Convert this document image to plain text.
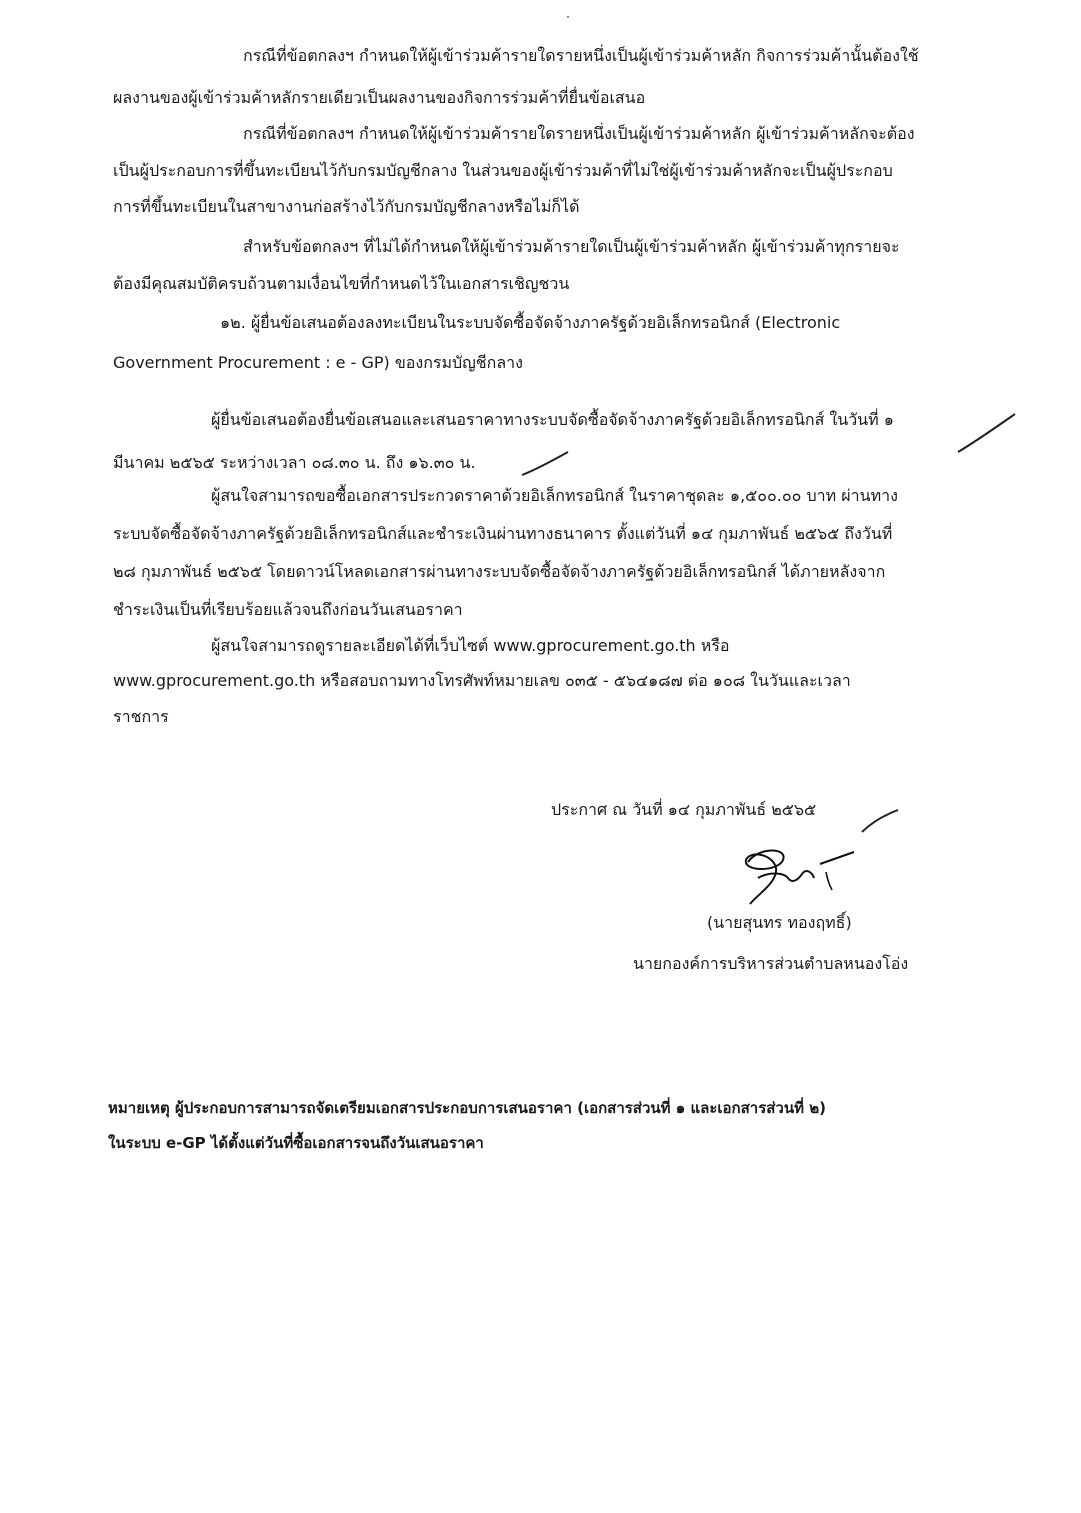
กรณีที่ข้อตกลงฯ กำหนดให้ผู้เข้าร่วมค้ารายใดรายหนึ่งเป็นผู้เข้าร่วมค้าหลัก กิจการร่วมค้านั้นต้องใช้
ผลงานของผู้เข้าร่วมค้าหลักรายเดียวเป็นผลงานของกิจการร่วมค้าที่ยื่นข้อเสนอ
กรณีที่ข้อตกลงฯ กำหนดให้ผู้เข้าร่วมค้ารายใดรายหนึ่งเป็นผู้เข้าร่วมค้าหลัก ผู้เข้าร่วมค้าหลักจะต้อง
เป็นผู้ประกอบการที่ขึ้นทะเบียนไว้กับกรมบัญชีกลาง ในส่วนของผู้เข้าร่วมค้าที่ไม่ใช่ผู้เข้าร่วมค้าหลักจะเป็นผู้ประกอบ
การที่ขึ้นทะเบียนในสาขางานก่อสร้างไว้กับกรมบัญชีกลางหรือไม่ก็ได้
สำหรับข้อตกลงฯ ที่ไม่ได้กำหนดให้ผู้เข้าร่วมค้ารายใดเป็นผู้เข้าร่วมค้าหลัก ผู้เข้าร่วมค้าทุกรายจะ
ต้องมีคุณสมบัติครบถ้วนตามเงื่อนไขที่กำหนดไว้ในเอกสารเชิญชวน
๑๒. ผู้ยื่นข้อเสนอต้องลงทะเบียนในระบบจัดซื้อจัดจ้างภาครัฐด้วยอิเล็กทรอนิกส์ (Electronic
Government Procurement : e - GP) ของกรมบัญชีกลาง
ผู้ยื่นข้อเสนอต้องยื่นข้อเสนอและเสนอราคาทางระบบจัดซื้อจัดจ้างภาครัฐด้วยอิเล็กทรอนิกส์ ในวันที่ ๑
มีนาคม ๒๕๖๕ ระหว่างเวลา ๐๘.๓๐ น. ถึง ๑๖.๓๐ น.
ผู้สนใจสามารถขอซื้อเอกสารประกวดราคาด้วยอิเล็กทรอนิกส์ ในราคาชุดละ ๑,๕๐๐.๐๐ บาท ผ่านทาง
ระบบจัดซื้อจัดจ้างภาครัฐด้วยอิเล็กทรอนิกส์และชำระเงินผ่านทางธนาคาร ตั้งแต่วันที่ ๑๔ กุมภาพันธ์ ๒๕๖๕ ถึงวันที่
๒๘ กุมภาพันธ์ ๒๕๖๕ โดยดาวน์โหลดเอกสารผ่านทางระบบจัดซื้อจัดจ้างภาครัฐด้วยอิเล็กทรอนิกส์ ได้ภายหลังจาก
ชำระเงินเป็นที่เรียบร้อยแล้วจนถึงก่อนวันเสนอราคา
ผู้สนใจสามารถดูรายละเอียดได้ที่เว็บไซต์ www.gprocurement.go.th หรือ
www.gprocurement.go.th หรือสอบถามทางโทรศัพท์หมายเลข ๐๓๕ - ๕๖๔๑๘๗ ต่อ ๑๐๘ ในวันและเวลา
ราชการ
ประกาศ ณ วันที่ ๑๔ กุมภาพันธ์ ๒๕๖๕
(นายสุนทร ทองฤทธิ์)
นายกองค์การบริหารส่วนตำบลหนองโอ่ง
หมายเหตุ ผู้ประกอบการสามารถจัดเตรียมเอกสารประกอบการเสนอราคา (เอกสารส่วนที่ ๑ และเอกสารส่วนที่ ๒)
ในระบบ e-GP ได้ตั้งแต่วันที่ซื้อเอกสารจนถึงวันเสนอราคา
